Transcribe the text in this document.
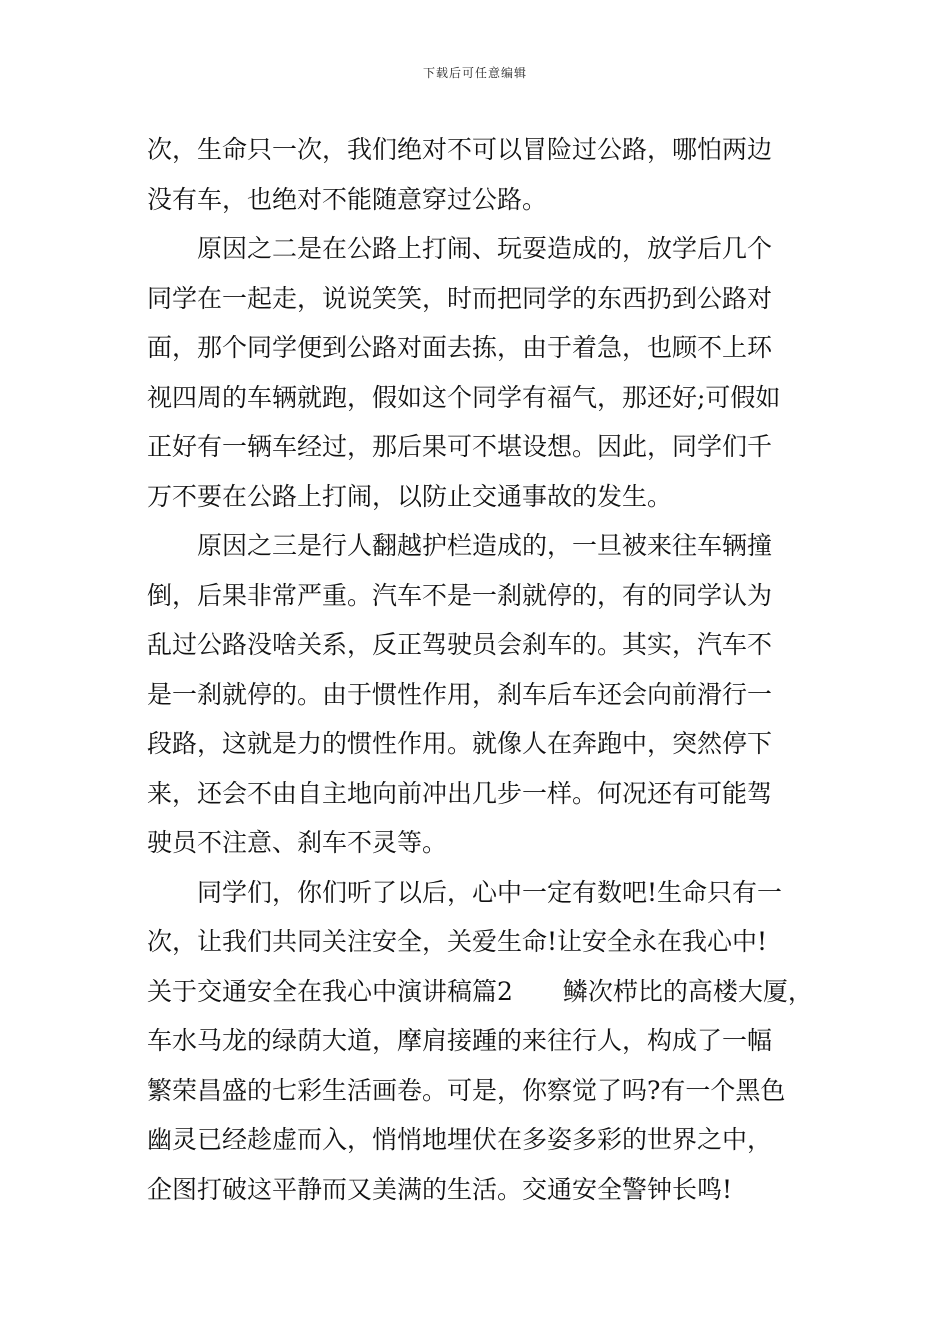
下载后可任意编辑
次，生命只一次，我们绝对不可以冒险过公路，哪怕两边
没有车，也绝对不能随意穿过公路。
　　原因之二是在公路上打闹、玩耍造成的，放学后几个
同学在一起走，说说笑笑，时而把同学的东西扔到公路对
面，那个同学便到公路对面去拣，由于着急，也顾不上环
视四周的车辆就跑，假如这个同学有福气，那还好;可假如
正好有一辆车经过，那后果可不堪设想。因此，同学们千
万不要在公路上打闹，以防止交通事故的发生。
　　原因之三是行人翻越护栏造成的，一旦被来往车辆撞
倒，后果非常严重。汽车不是一刹就停的，有的同学认为
乱过公路没啥关系，反正驾驶员会刹车的。其实，汽车不
是一刹就停的。由于惯性作用，刹车后车还会向前滑行一
段路，这就是力的惯性作用。就像人在奔跑中，突然停下
来，还会不由自主地向前冲出几步一样。何况还有可能驾
驶员不注意、刹车不灵等。
　　同学们，你们听了以后，心中一定有数吧!生命只有一
次，让我们共同关注安全，关爱生命!让安全永在我心中!
关于交通安全在我心中演讲稿篇2　　鳞次栉比的高楼大厦，
车水马龙的绿荫大道，摩肩接踵的来往行人，构成了一幅
繁荣昌盛的七彩生活画卷。可是，你察觉了吗?有一个黑色
幽灵已经趁虚而入，悄悄地埋伏在多姿多彩的世界之中，
企图打破这平静而又美满的生活。交通安全警钟长鸣!
